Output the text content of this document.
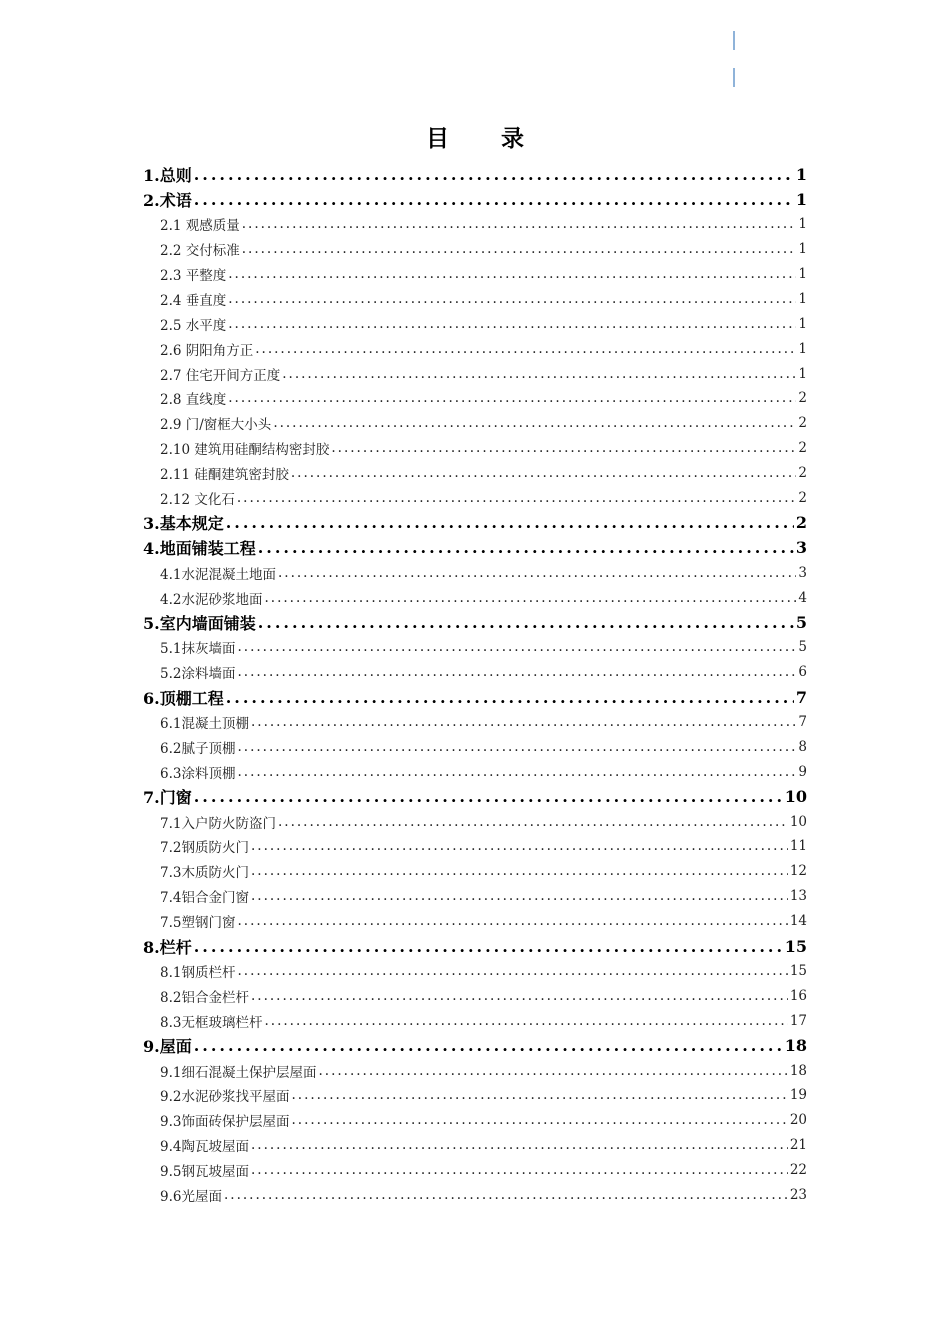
目 录
1.总则 .....	1
2.术语 .....	1
2.1 观感质量 .....	1
2.2 交付标准 .....	1
2.3 平整度 .....	1
2.4 垂直度 .....	1
2.5 水平度 .....	1
2.6 阴阳角方正 .....	1
2.7 住宅开间方正度 .....	1
2.8 直线度 .....	2
2.9 门/窗框大小头 .....	2
2.10 建筑用硅酮结构密封胶 .....	2
2.11 硅酮建筑密封胶 .....	2
2.12 文化石 .....	2
3.基本规定 .....	2
4.地面铺装工程 .....	3
4.1水泥混凝土地面 .....	3
4.2水泥砂浆地面 .....	4
5.室内墙面铺装 .....	5
5.1抹灰墙面 .....	5
5.2涂料墙面 .....	6
6.顶棚工程 .....	7
6.1混凝土顶棚 .....	7
6.2腻子顶棚 .....	8
6.3涂料顶棚 .....	9
7.门窗 .....	10
7.1入户防火防盗门 .....	10
7.2钢质防火门 .....	11
7.3木质防火门 .....	12
7.4铝合金门窗 .....	13
7.5塑钢门窗 .....	14
8.栏杆 .....	15
8.1钢质栏杆 .....	15
8.2铝合金栏杆 .....	16
8.3无框玻璃栏杆 .....	17
9.屋面 .....	18
9.1细石混凝土保护层屋面 .....	18
9.2水泥砂浆找平屋面 .....	19
9.3饰面砖保护层屋面 .....	20
9.4陶瓦坡屋面 .....	21
9.5钢瓦坡屋面 .....	22
9.6光屋面 .....	23
